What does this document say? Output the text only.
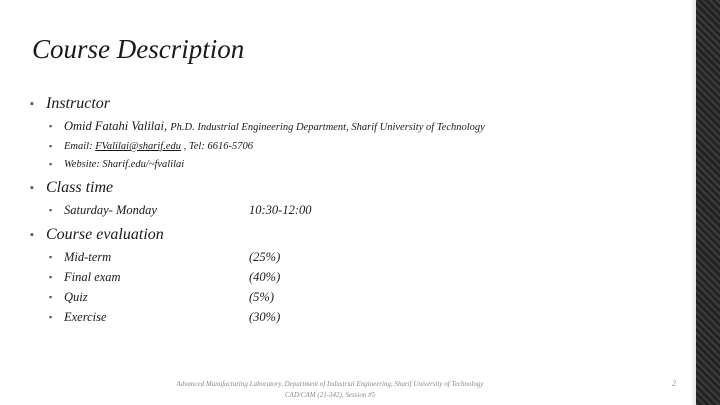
Course Description
▪ Instructor
▪ Omid Fatahi Valilai, Ph.D. Industrial Engineering Department, Sharif University of Technology
▪ Email: FValilai@sharif.edu , Tel: 6616-5706
▪ Website: Sharif.edu/~fvalilai
▪ Class time
▪ Saturday- Monday	10:30-12:00
▪ Course evaluation
▪ Mid-term	(25%)
▪ Final exam	(40%)
▪ Quiz	(5%)
▪ Exercise	(30%)
Advanced Manufacturing Laboratory, Department of Industrial Engineering, Sharif University of Technology
CAD/CAM (21-342), Session #5
2
